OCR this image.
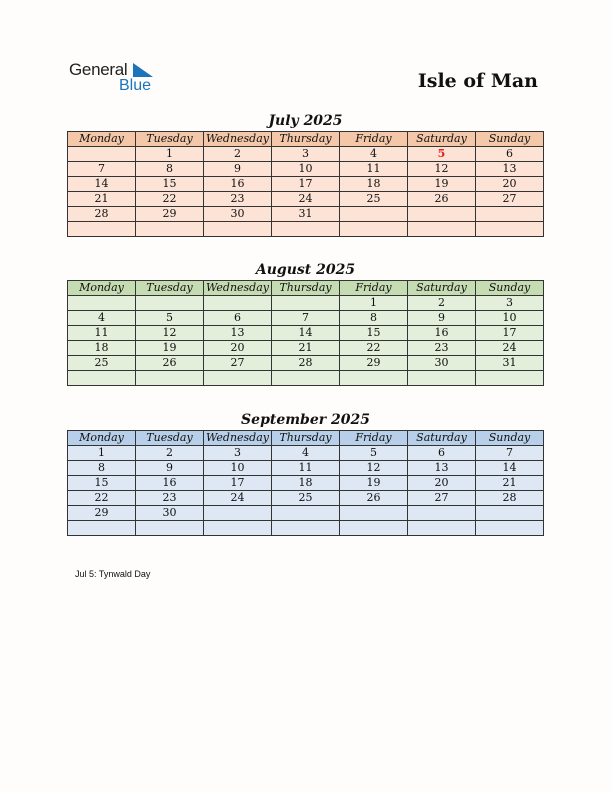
General
Blue	Isle of Man
July 2025
Monday	Tuesday	Wednesday	Thursday	Friday	Saturday	Sunday
	1	2	3	4	5	6
7	8	9	10	11	12	13
14	15	16	17	18	19	20
21	22	23	24	25	26	27
28	29	30	31			

August 2025
Monday	Tuesday	Wednesday	Thursday	Friday	Saturday	Sunday
				1	2	3
4	5	6	7	8	9	10
11	12	13	14	15	16	17
18	19	20	21	22	23	24
25	26	27	28	29	30	31

September 2025
Monday	Tuesday	Wednesday	Thursday	Friday	Saturday	Sunday
1	2	3	4	5	6	7
8	9	10	11	12	13	14
15	16	17	18	19	20	21
22	23	24	25	26	27	28
29	30					

Jul 5: Tynwald Day
